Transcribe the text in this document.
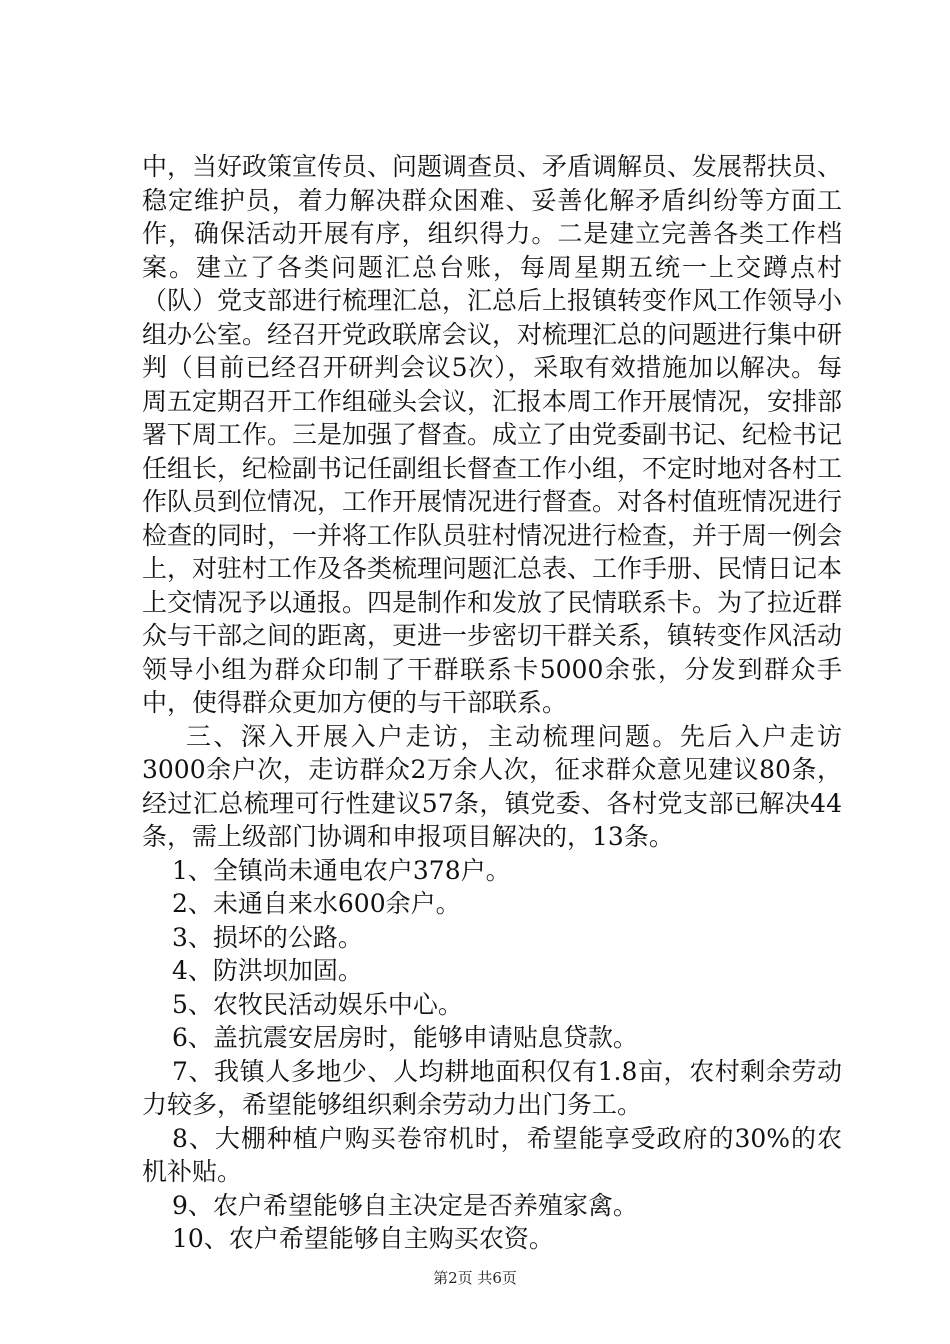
中，当好政策宣传员、问题调查员、矛盾调解员、发展帮扶员、稳定维护员，着力解决群众困难、妥善化解矛盾纠纷等方面工作，确保活动开展有序，组织得力。二是建立完善各类工作档案。建立了各类问题汇总台账，每周星期五统一上交蹲点村（队）党支部进行梳理汇总，汇总后上报镇转变作风工作领导小组办公室。经召开党政联席会议，对梳理汇总的问题进行集中研判（目前已经召开研判会议5次），采取有效措施加以解决。每周五定期召开工作组碰头会议，汇报本周工作开展情况，安排部署下周工作。三是加强了督查。成立了由党委副书记、纪检书记任组长，纪检副书记任副组长督查工作小组，不定时地对各村工作队员到位情况，工作开展情况进行督查。对各村值班情况进行检查的同时，一并将工作队员驻村情况进行检查，并于周一例会上，对驻村工作及各类梳理问题汇总表、工作手册、民情日记本上交情况予以通报。四是制作和发放了民情联系卡。为了拉近群众与干部之间的距离，更进一步密切干群关系，镇转变作风活动领导小组为群众印制了干群联系卡5000余张，分发到群众手中，使得群众更加方便的与干部联系。

三、深入开展入户走访，主动梳理问题。先后入户走访3000余户次，走访群众2万余人次，征求群众意见建议80条，经过汇总梳理可行性建议57条，镇党委、各村党支部已解决44条，需上级部门协调和申报项目解决的，13条。

1、全镇尚未通电农户378户。

2、未通自来水600余户。

3、损坏的公路。

4、防洪坝加固。

5、农牧民活动娱乐中心。

6、盖抗震安居房时，能够申请贴息贷款。

7、我镇人多地少、人均耕地面积仅有1.8亩，农村剩余劳动力较多，希望能够组织剩余劳动力出门务工。

8、大棚种植户购买卷帘机时，希望能享受政府的30%的农机补贴。

9、农户希望能够自主决定是否养殖家禽。

10、农户希望能够自主购买农资。

第2页 共6页
